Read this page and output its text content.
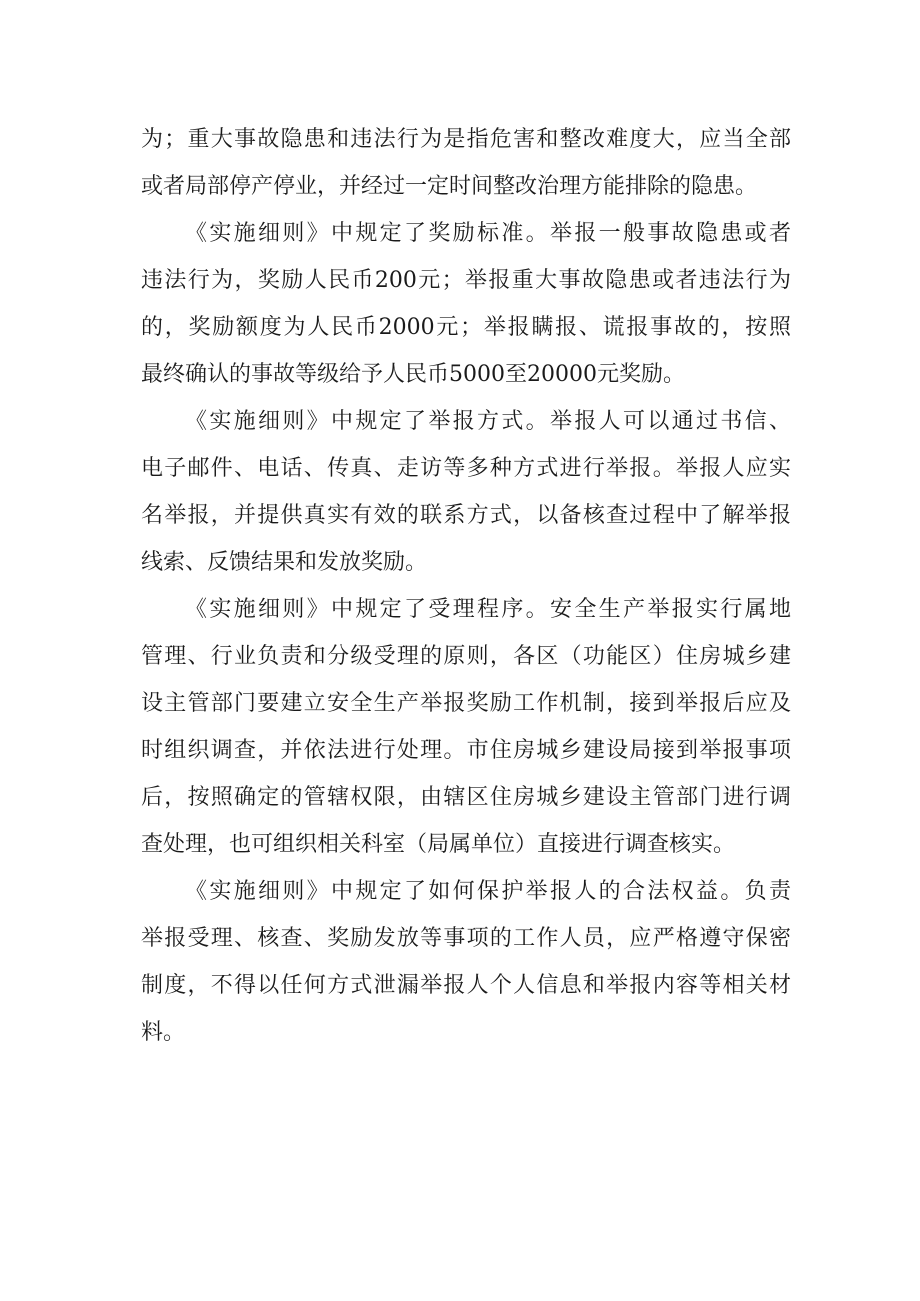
为；重大事故隐患和违法行为是指危害和整改难度大，应当全部
或者局部停产停业，并经过一定时间整改治理方能排除的隐患。
《实施细则》中规定了奖励标准。举报一般事故隐患或者
违法行为，奖励人民币200元；举报重大事故隐患或者违法行为
的，奖励额度为人民币2000元；举报瞒报、谎报事故的，按照
最终确认的事故等级给予人民币5000至20000元奖励。
《实施细则》中规定了举报方式。举报人可以通过书信、
电子邮件、电话、传真、走访等多种方式进行举报。举报人应实
名举报，并提供真实有效的联系方式，以备核查过程中了解举报
线索、反馈结果和发放奖励。
《实施细则》中规定了受理程序。安全生产举报实行属地
管理、行业负责和分级受理的原则，各区（功能区）住房城乡建
设主管部门要建立安全生产举报奖励工作机制，接到举报后应及
时组织调查，并依法进行处理。市住房城乡建设局接到举报事项
后，按照确定的管辖权限，由辖区住房城乡建设主管部门进行调
查处理，也可组织相关科室（局属单位）直接进行调查核实。
《实施细则》中规定了如何保护举报人的合法权益。负责
举报受理、核查、奖励发放等事项的工作人员，应严格遵守保密
制度，不得以任何方式泄漏举报人个人信息和举报内容等相关材
料。
